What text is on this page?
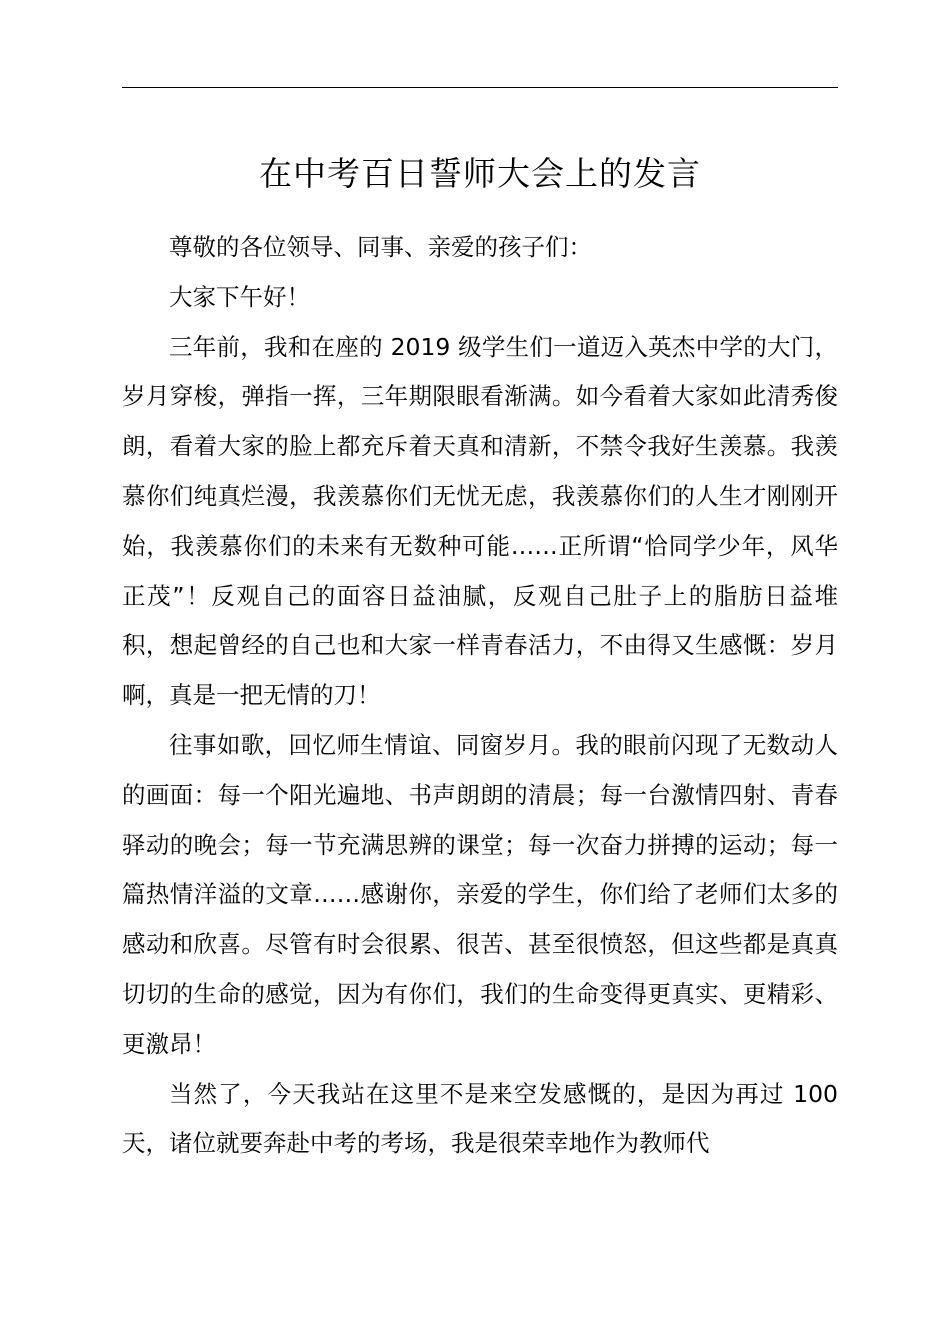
在中考百日誓师大会上的发言

尊敬的各位领导、同事、亲爱的孩子们：

大家下午好！

三年前，我和在座的 2019 级学生们一道迈入英杰中学的大门，岁月穿梭，弹指一挥，三年期限眼看渐满。如今看着大家如此清秀俊朗，看着大家的脸上都充斥着天真和清新，不禁令我好生羡慕。我羡慕你们纯真烂漫，我羡慕你们无忧无虑，我羡慕你们的人生才刚刚开始，我羡慕你们的未来有无数种可能……正所谓“恰同学少年，风华正茂”！反观自己的面容日益油腻，反观自己肚子上的脂肪日益堆积，想起曾经的自己也和大家一样青春活力，不由得又生感慨：岁月啊，真是一把无情的刀！

往事如歌，回忆师生情谊、同窗岁月。我的眼前闪现了无数动人的画面：每一个阳光遍地、书声朗朗的清晨；每一台激情四射、青春驿动的晚会；每一节充满思辨的课堂；每一次奋力拼搏的运动；每一篇热情洋溢的文章……感谢你，亲爱的学生，你们给了老师们太多的感动和欣喜。尽管有时会很累、很苦、甚至很愤怒，但这些都是真真切切的生命的感觉，因为有你们，我们的生命变得更真实、更精彩、更激昂！

当然了，今天我站在这里不是来空发感慨的，是因为再过 100 天，诸位就要奔赴中考的考场，我是很荣幸地作为教师代
